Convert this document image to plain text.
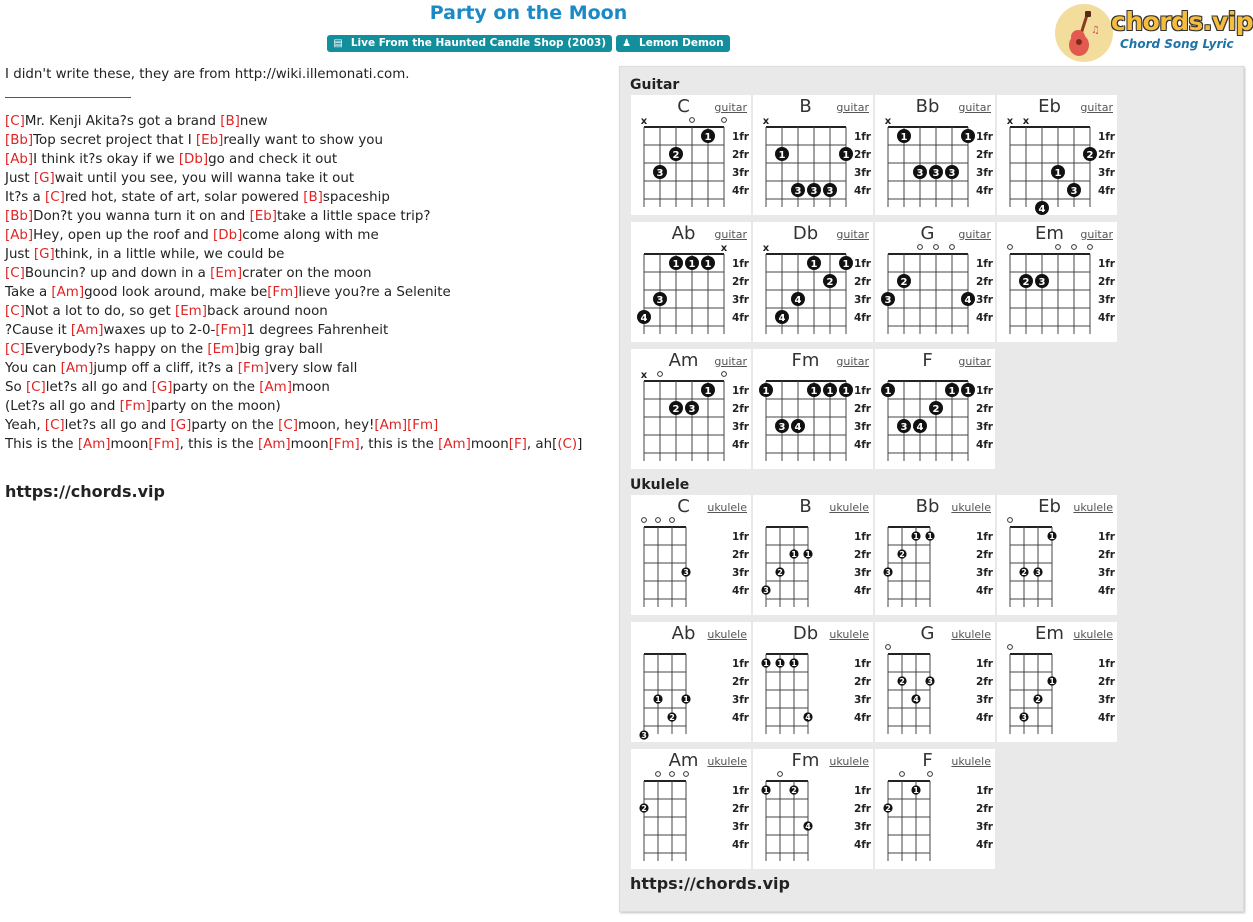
Party on the Moon
▤ Live From the Haunted Candle Shop (2003) ♟ Lemon Demon
♫ chords.vip
Chord Song Lyric
I didn't write these, they are from http://wiki.illemonati.com.
[C]Mr. Kenji Akita?s got a brand [B]new
[Bb]Top secret project that I [Eb]really want to show you
[Ab]I think it?s okay if we [Db]go and check it out
Just [G]wait until you see, you will wanna take it out
It?s a [C]red hot, state of art, solar powered [B]spaceship
[Bb]Don?t you wanna turn it on and [Eb]take a little space trip?
[Ab]Hey, open up the roof and [Db]come along with me
Just [G]think, in a little while, we could be
[C]Bouncin? up and down in a [Em]crater on the moon
Take a [Am]good look around, make be[Fm]lieve you?re a Selenite
[C]Not a lot to do, so get [Em]back around noon
?Cause it [Am]waxes up to 2-0-[Fm]1 degrees Fahrenheit
[C]Everybody?s happy on the [Em]big gray ball
You can [Am]jump off a cliff, it?s a [Fm]very slow fall
So [C]let?s all go and [G]party on the [Am]moon
(Let?s all go and [Fm]party on the moon)
Yeah, [C]let?s all go and [G]party on the [C]moon, hey![Am][Fm]
This is the [Am]moon[Fm], this is the [Am]moon[Fm], this is the [Am]moon[F], ah[(C)]
https://chords.vip
Guitar
C	guitar
1fr
2fr
3fr
4fr
x
1
2
3
B	guitar
1fr
2fr
3fr
4fr
x
1	1
3 3 3
Bb	guitar
1fr
2fr
3fr
4fr
x
1	1
3 3 3
Eb	guitar
1fr
2fr
3fr
4fr
x x
2
1
3
4
Ab	guitar
1fr
2fr
3fr
4fr
x
1 1 1
3
4
Db	guitar
1fr
2fr
3fr
4fr
x
1	1
2
4
4
G	guitar
1fr
2fr
3fr
4fr
2
3	4
Em	guitar
1fr
2fr
3fr
4fr
2 3
Am	guitar
1fr
2fr
3fr
4fr
x
1
2 3
Fm	guitar
1fr
2fr
3fr
4fr
1	1 1 1
3 4
F	guitar
1fr
2fr
3fr
4fr
1	1 1
2
3 4
Ukulele
C	ukulele
1fr
2fr
3fr
4fr
3
B	ukulele
1fr
2fr
3fr
4fr
1 1
2
3
Bb	ukulele
1fr
2fr
3fr
4fr
1 1
2
3
Eb	ukulele
1fr
2fr
3fr
4fr
1
2 3
Ab	ukulele
1fr
2fr
3fr
4fr
1	1
2
3
Db	ukulele
1fr
2fr
3fr
4fr
1 1 1
4
G	ukulele
1fr
2fr
3fr
4fr
2	3
4
Em ukulele
1fr
2fr
3fr
4fr
1
2
3
Am ukulele
1fr
2fr
3fr
4fr
2
Fm ukulele
1fr
2fr
3fr
4fr
1	2
4
F	ukulele
1fr
2fr
3fr
4fr
1
2
https://chords.vip
